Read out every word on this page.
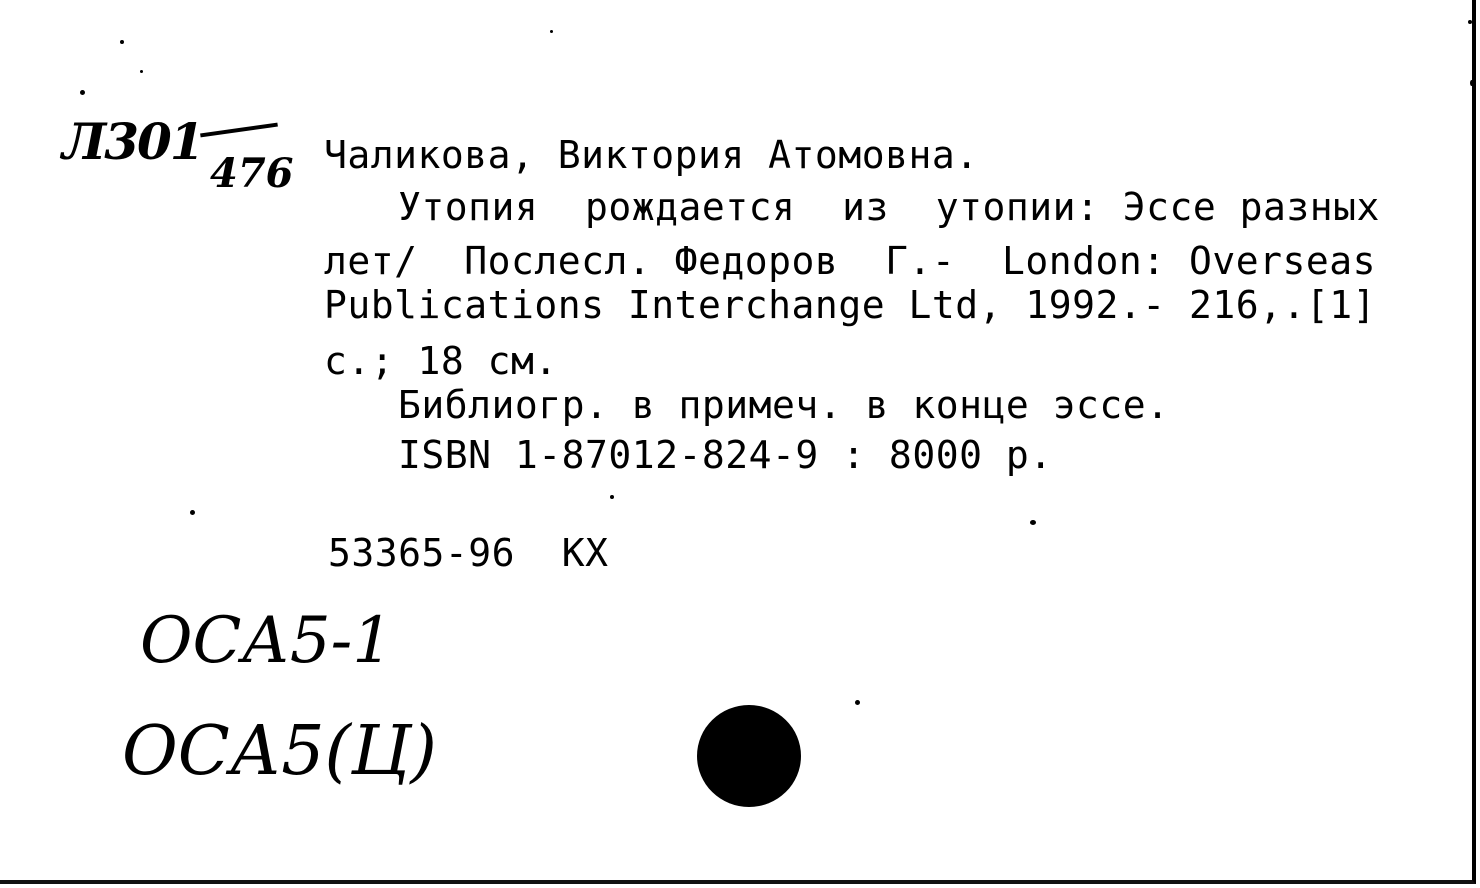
Л301
476 Чаликова, Виктория Атомовна.
Утопия  рождается  из  утопии: Эссе разных
лет/  Послесл. Федоров  Г.-  London: Overseas
Publications Interchange Ltd, 1992.- 216,.[1]
с.; 18 см.
Библиогр. в примеч. в конце эссе.
ISBN 1-87012-824-9 : 8000 р.
53365-96  КХ
ОСА5-1
ОСА5(Ц)
